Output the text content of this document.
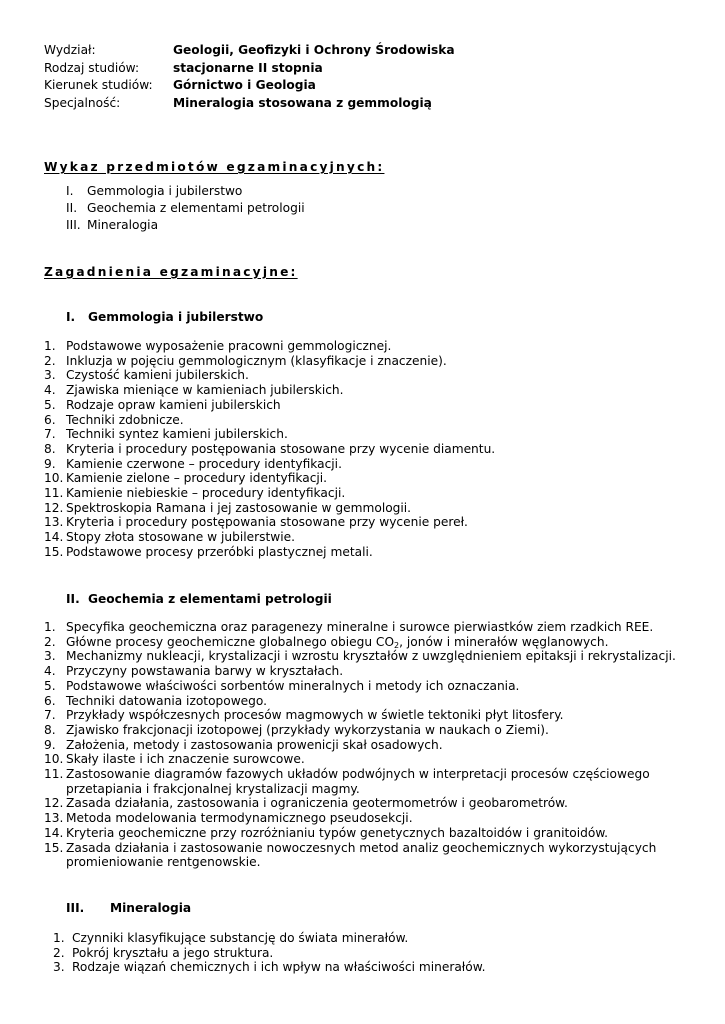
Wydział:	Geologii, Geofizyki i Ochrony Środowiska
Rodzaj studiów:	stacjonarne II stopnia
Kierunek studiów:	Górnictwo i Geologia
Specjalność:	Mineralogia stosowana z gemmologią
Wykaz przedmiotów egzaminacyjnych:
I.	Gemmologia i jubilerstwo
II. Geochemia z elementami petrologii
III. Mineralogia
Zagadnienia egzaminacyjne:
I.	Gemmologia i jubilerstwo
1. Podstawowe wyposażenie pracowni gemmologicznej.
2. Inkluzja w pojęciu gemmologicznym (klasyfikacje i znaczenie).
3. Czystość kamieni jubilerskich.
4. Zjawiska mieniące w kamieniach jubilerskich.
5. Rodzaje opraw kamieni jubilerskich
6. Techniki zdobnicze.
7. Techniki syntez kamieni jubilerskich.
8. Kryteria i procedury postępowania stosowane przy wycenie diamentu.
9. Kamienie czerwone – procedury identyfikacji.
10. Kamienie zielone – procedury identyfikacji.
11. Kamienie niebieskie – procedury identyfikacji.
12. Spektroskopia Ramana i jej zastosowanie w gemmologii.
13. Kryteria i procedury postępowania stosowane przy wycenie pereł.
14. Stopy złota stosowane w jubilerstwie.
15. Podstawowe procesy przeróbki plastycznej metali.
II. Geochemia z elementami petrologii
1. Specyfika geochemiczna oraz paragenezy mineralne i surowce pierwiastków ziem rzadkich REE.
2. Główne procesy geochemiczne globalnego obiegu $CO_2$, jonów i minerałów węglanowych.
3. Mechanizmy nukleacji, krystalizacji i wzrostu kryształów z uwzględnieniem epitaksji i rekrystalizacji.
4. Przyczyny powstawania barwy w kryształach.
5. Podstawowe właściwości sorbentów mineralnych i metody ich oznaczania.
6. Techniki datowania izotopowego.
7. Przykłady współczesnych procesów magmowych w świetle tektoniki płyt litosfery.
8. Zjawisko frakcjonacji izotopowej (przykłady wykorzystania w naukach o Ziemi).
9. Założenia, metody i zastosowania prowenicji skał osadowych.
10. Skały ilaste i ich znaczenie surowcowe.
11. Zastosowanie diagramów fazowych układów podwójnych w interpretacji procesów częściowego przetapiania i frakcjonalnej krystalizacji magmy.
12. Zasada działania, zastosowania i ograniczenia geotermometrów i geobarometrów.
13. Metoda modelowania termodynamicznego pseudosekcji.
14. Kryteria geochemiczne przy rozróżnianiu typów genetycznych bazaltoidów i granitoidów.
15. Zasada działania i zastosowanie nowoczesnych metod analiz geochemicznych wykorzystujących promieniowanie rentgenowskie.
III.	Mineralogia
1. Czynniki klasyfikujące substancję do świata minerałów.
2. Pokrój kryształu a jego struktura.
3. Rodzaje wiązań chemicznych i ich wpływ na właściwości minerałów.
